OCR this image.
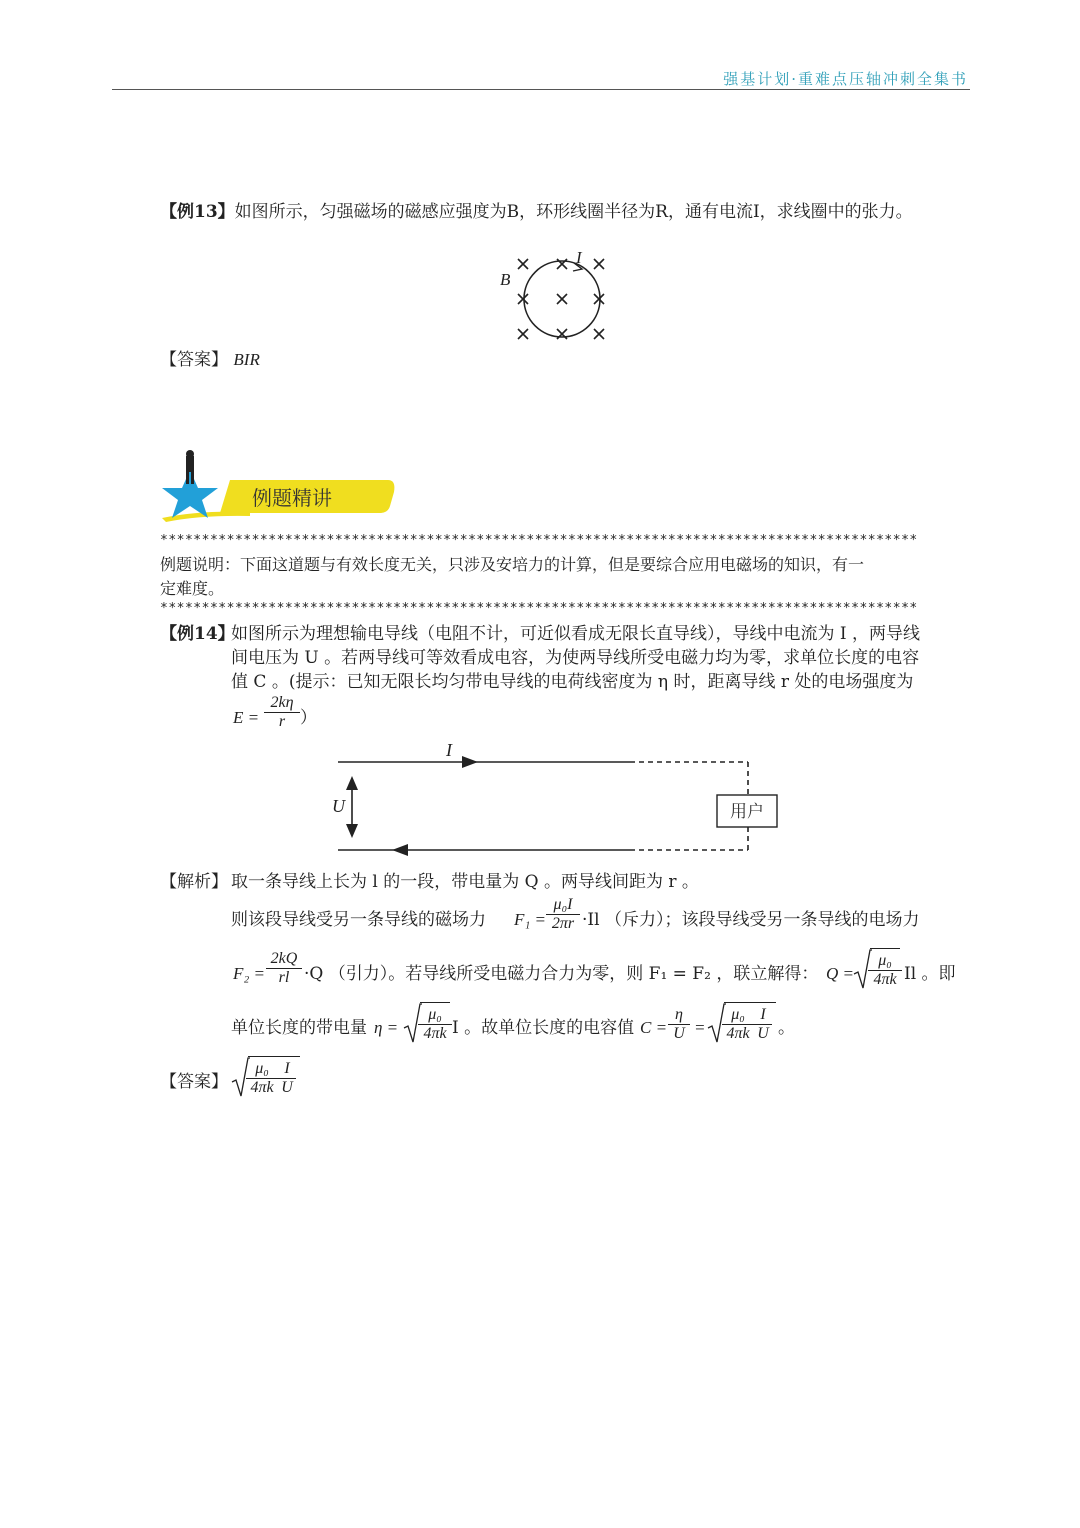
强基计划·重难点压轴冲刺全集书
【例13】如图所示，匀强磁场的磁感应强度为B，环形线圈半径为R，通有电流I，求线圈中的张力。
B
I
【答案】 BIR
例题精讲
*******************************************************************************************
例题说明：下面这道题与有效长度无关，只涉及安培力的计算，但是要综合应用电磁场的知识，有一
定难度。
*******************************************************************************************
【例14】
如图所示为理想输电导线（电阻不计，可近似看成无限长直导线），导线中电流为 I ，两导线
间电压为 U 。若两导线可等效看成电容，为使两导线所受电磁力均为零，求单位长度的电容
值 C 。(提示：已知无限长均匀带电导线的电荷线密度为 η 时，距离导线 r 处的电场强度为
$E = \frac{2k\eta}{r}$ ）
I
U	用户
【解析】 取一条导线上长为 l 的一段，带电量为 Q 。两导线间距为 r 。
则该段导线受另一条导线的磁场力 $F_1 = \frac{\text{μ₀I}}{2\pi r} \cdot Il$ （斥力）；该段导线受另一条导线的电场力
$F_2 = \frac{2kQ}{rl} \cdot Q$ （引力）。若导线所受电磁力合力为零，则 F₁ = F₂ ，联立解得： $Q = \frac{\text{μ₀}}{4\pi k}$ Il 。即
单位长度的带电量 $\eta = \frac{\text{μ₀}}{4\pi k}$ I 。故单位长度的电容值 $C = \frac{\eta}{U} = \frac{\text{μ₀}}{4\pi k} \frac{I}{U}$ 。
【答案】 $\frac{\text{μ₀}}{4\pi k} \frac{I}{U}$
